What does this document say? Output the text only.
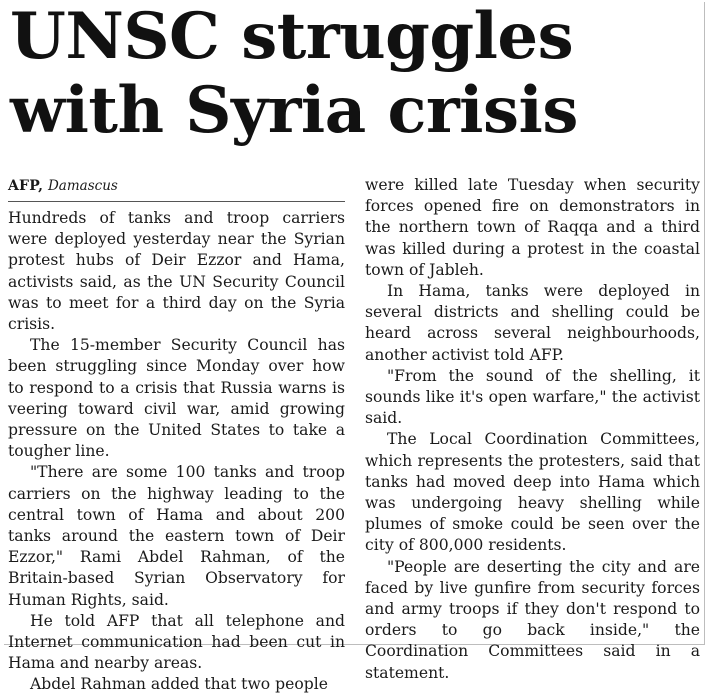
UNSC struggles with Syria crisis
AFP, Damascus

Hundreds of tanks and troop carriers were deployed yesterday near the Syrian protest hubs of Deir Ezzor and Hama, activists said, as the UN Security Council was to meet for a third day on the Syria crisis.

The 15-member Security Council has been struggling since Monday over how to respond to a crisis that Russia warns is veering toward civil war, amid growing pressure on the United States to take a tougher line.

"There are some 100 tanks and troop carriers on the highway leading to the central town of Hama and about 200 tanks around the eastern town of Deir Ezzor," Rami Abdel Rahman, of the Britain-based Syrian Observatory for Human Rights, said.

He told AFP that all telephone and Internet communication had been cut in Hama and nearby areas.

Abdel Rahman added that two people

were killed late Tuesday when security forces opened fire on demonstrators in the northern town of Raqqa and a third was killed during a protest in the coastal town of Jableh.

In Hama, tanks were deployed in several districts and shelling could be heard across several neighbourhoods, another activist told AFP.

"From the sound of the shelling, it sounds like it's open warfare," the activist said.

The Local Coordination Committees, which represents the protesters, said that tanks had moved deep into Hama which was undergoing heavy shelling while plumes of smoke could be seen over the city of 800,000 residents.

"People are deserting the city and are faced by live gunfire from security forces and army troops if they don't respond to orders to go back inside," the Coordination Committees said in a statement.
